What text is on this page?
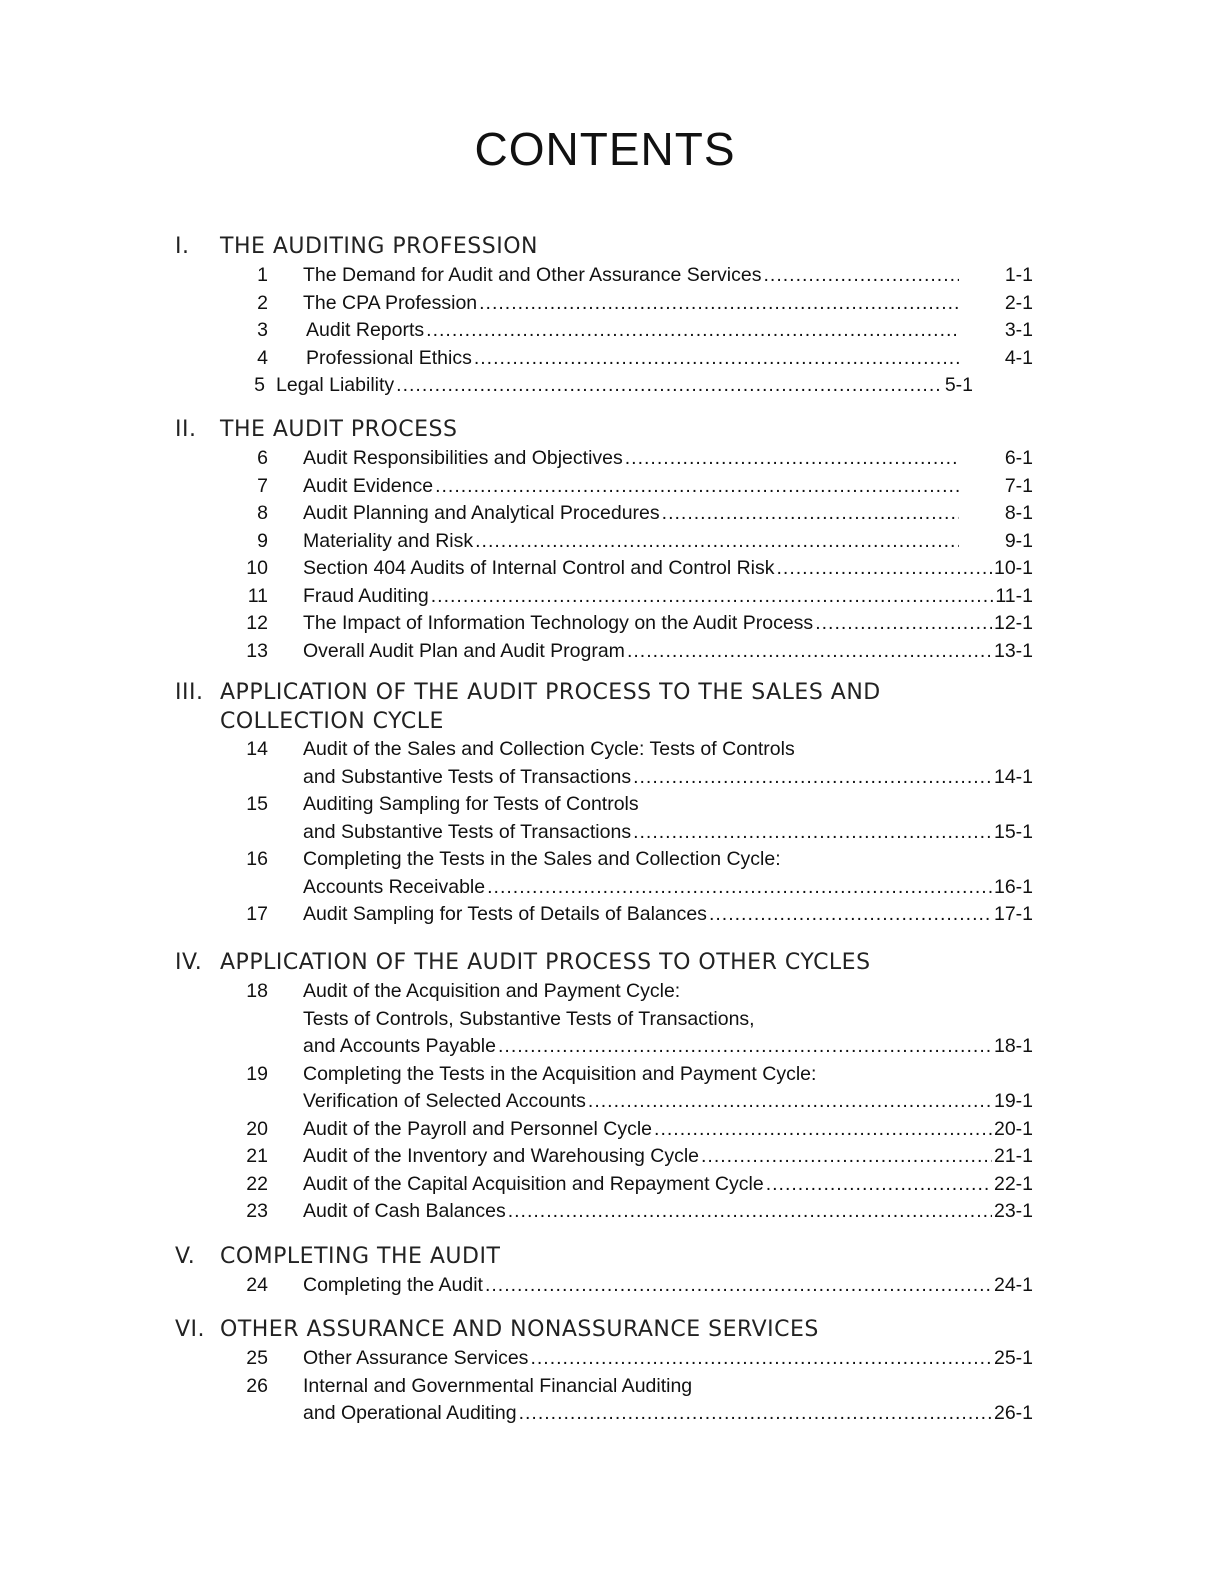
CONTENTS
I. THE AUDITING PROFESSION
1 The Demand for Audit and Other Assurance Services .....	1-1
2 The CPA Profession .....	2-1
3 Audit Reports .....	3-1
4 Professional Ethics .....	4-1
5 Legal Liability .....	5-1
II. THE AUDIT PROCESS
6 Audit Responsibilities and Objectives .....	6-1
7 Audit Evidence .....	7-1
8 Audit Planning and Analytical Procedures .....	8-1
9 Materiality and Risk .....	9-1
10 Section 404 Audits of Internal Control and Control Risk .....	10-1
11 Fraud Auditing .....	11-1
12 The Impact of Information Technology on the Audit Process .....	12-1
13 Overall Audit Plan and Audit Program .....	13-1
III. APPLICATION OF THE AUDIT PROCESS TO THE SALES AND COLLECTION CYCLE
14 Audit of the Sales and Collection Cycle: Tests of Controls
and Substantive Tests of Transactions .....	14-1
15 Auditing Sampling for Tests of Controls
and Substantive Tests of Transactions .....	15-1
16 Completing the Tests in the Sales and Collection Cycle:
Accounts Receivable .....	16-1
17 Audit Sampling for Tests of Details of Balances .....	17-1
IV. APPLICATION OF THE AUDIT PROCESS TO OTHER CYCLES
18 Audit of the Acquisition and Payment Cycle:
Tests of Controls, Substantive Tests of Transactions,
and Accounts Payable .....	18-1
19 Completing the Tests in the Acquisition and Payment Cycle:
Verification of Selected Accounts .....	19-1
20 Audit of the Payroll and Personnel Cycle .....	20-1
21 Audit of the Inventory and Warehousing Cycle .....	21-1
22 Audit of the Capital Acquisition and Repayment Cycle .....	22-1
23 Audit of Cash Balances .....	23-1
V. COMPLETING THE AUDIT
24 Completing the Audit .....	24-1
VI. OTHER ASSURANCE AND NONASSURANCE SERVICES
25 Other Assurance Services .....	25-1
26 Internal and Governmental Financial Auditing
and Operational Auditing .....	26-1
